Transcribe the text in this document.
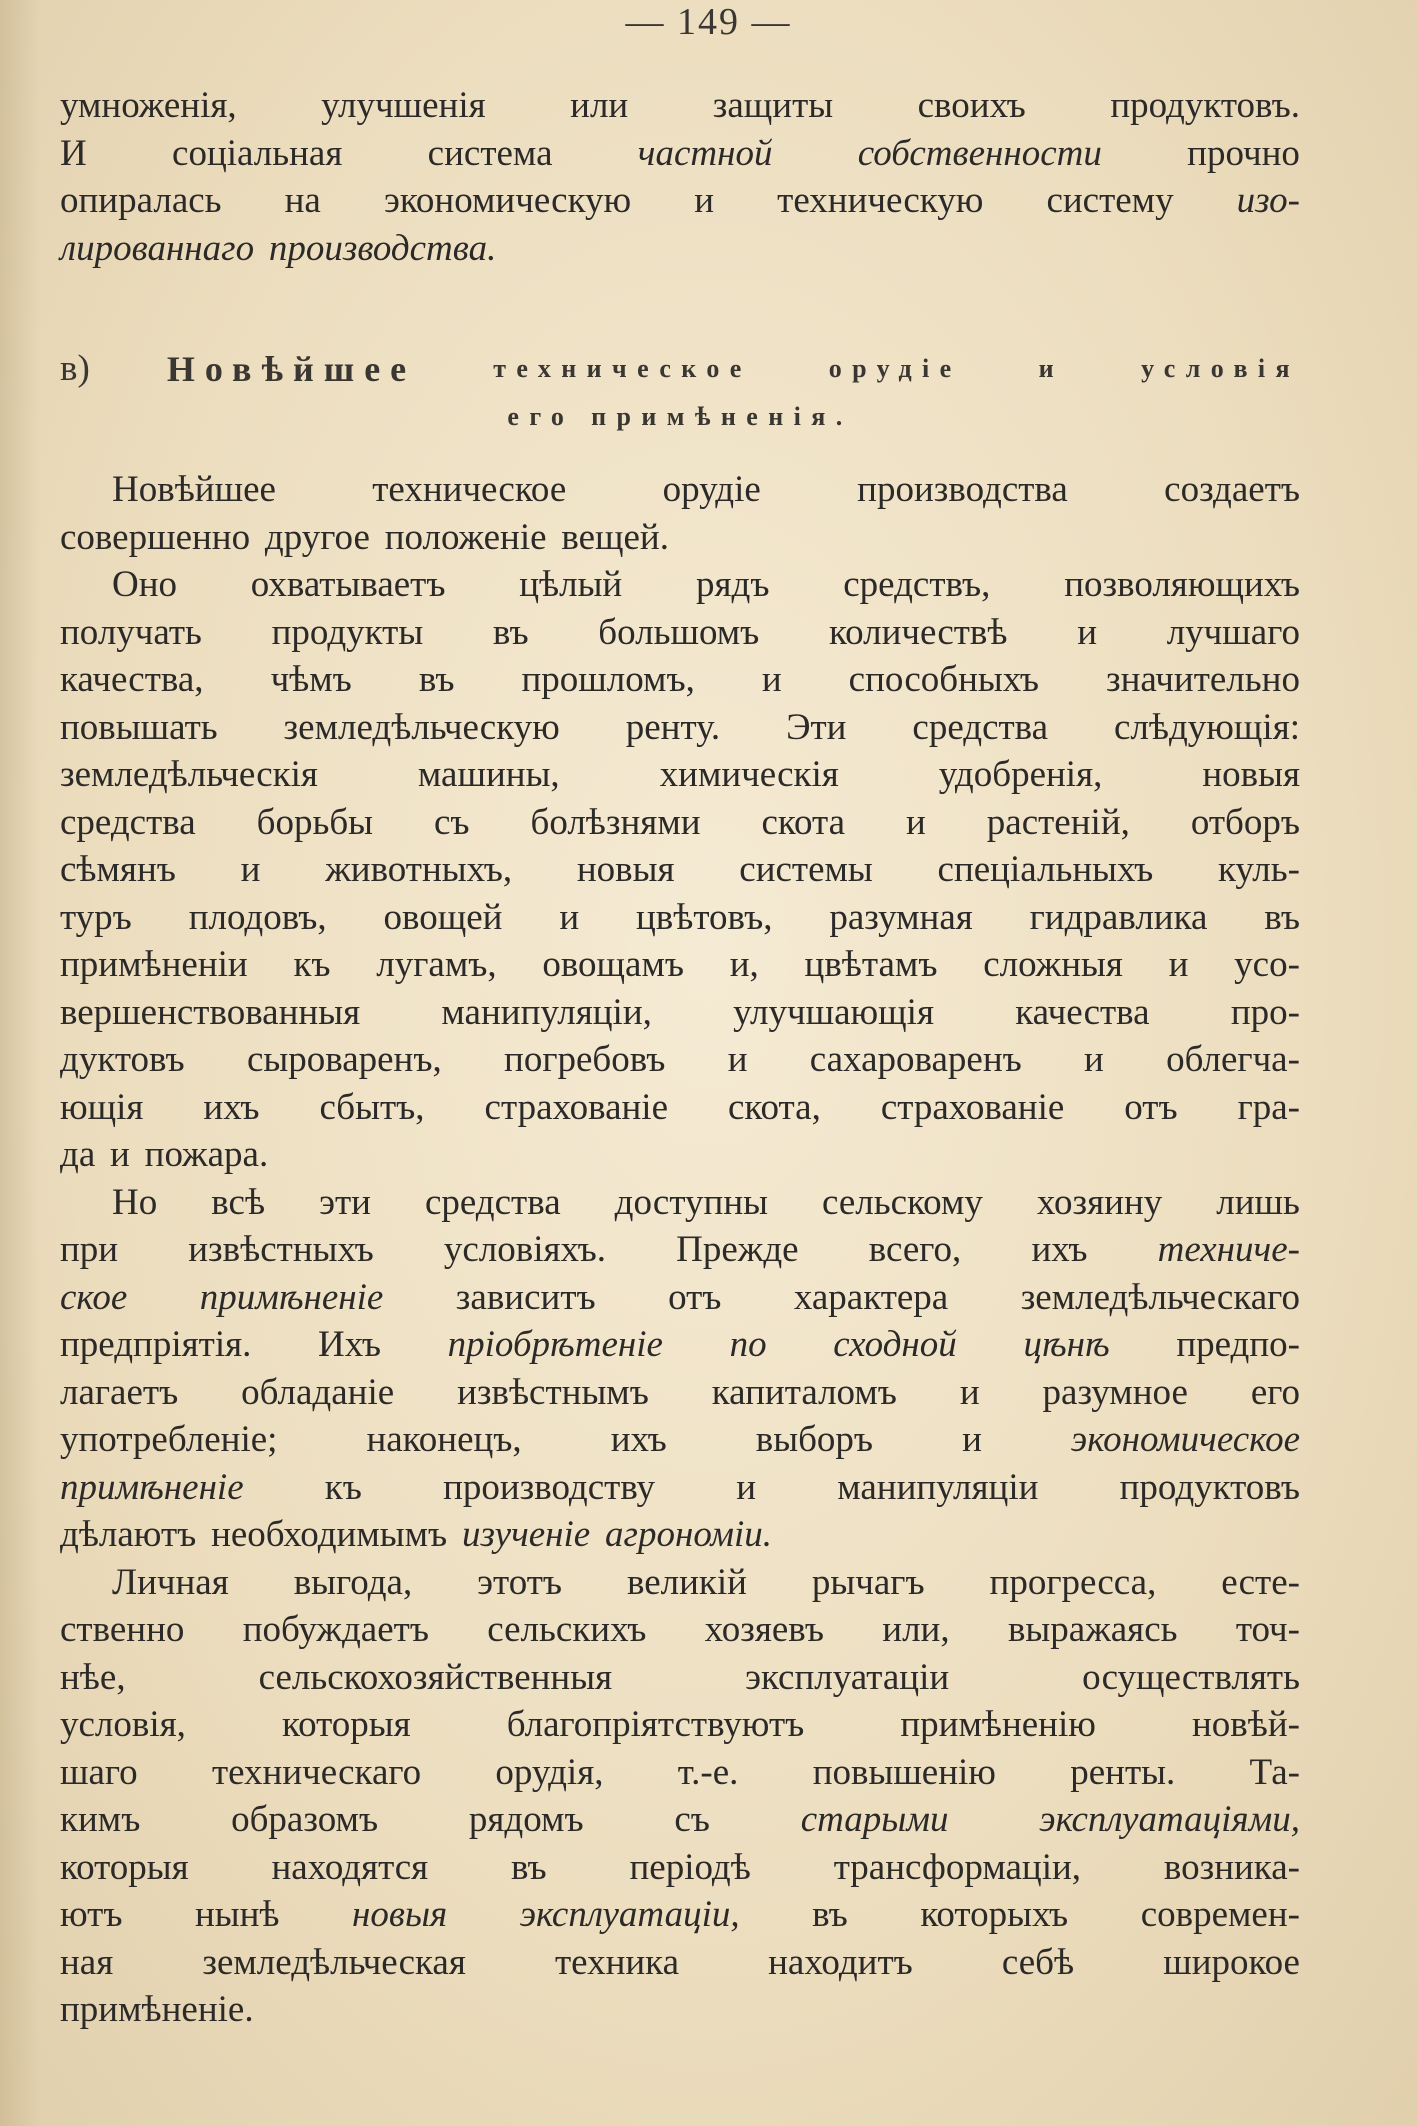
— 149 —
умноженія, улучшенія или защиты своихъ продуктовъ.
И соціальная система частной собственности прочно
опиралась на экономическую и техническую систему изо-
лированнаго производства.
в) Новѣйшее	техническое	орудіе	и	условія
его примѣненія.
Новѣйшее	техническое	орудіе	производства	создаетъ
совершенно другое положеніе вещей.
Оно охватываетъ цѣлый рядъ средствъ, позволяющихъ
получать продукты въ большомъ количествѣ и лучшаго
качества, чѣмъ въ прошломъ, и способныхъ значительно
повышать земледѣльческую ренту. Эти средства слѣдующія:
земледѣльческія	машины,	химическія	удобренія,	новыя
средства борьбы съ болѣзнями скота и растеній, отборъ
сѣмянъ и животныхъ, новыя системы спеціальныхъ куль-
туръ плодовъ, овощей и цвѣтовъ, разумная гидравлика въ
примѣненіи къ лугамъ, овощамъ и, цвѣтамъ сложныя и усо-
вершенствованныя манипуляціи, улучшающія качества про-
дуктовъ сыроваренъ, погребовъ и сахароваренъ и облегча-
ющія ихъ сбытъ, страхованіе скота, страхованіе отъ гра-
да и пожара.
Но всѣ эти средства доступны сельскому хозяину лишь
при извѣстныхъ условіяхъ. Прежде всего, ихъ техниче-
ское примѣненіе зависитъ отъ характера земледѣльческаго
предпріятія. Ихъ пріобрѣтеніе по сходной цѣнѣ предпо-
лагаетъ обладаніе извѣстнымъ капиталомъ и разумное его
употребленіе; наконецъ, ихъ выборъ и экономическое
примѣненіе къ производству и манипуляціи продуктовъ
дѣлаютъ необходимымъ изученіе агрономіи.
Личная выгода, этотъ великій рычагъ прогресса, есте-
ственно побуждаетъ сельскихъ хозяевъ или, выражаясь точ-
нѣе,	сельскохозяйственныя	эксплуатаціи	осуществлять
условія,	которыя	благопріятствуютъ	примѣненію	новѣй-
шаго техническаго орудія, т.-е. повышенію ренты. Та-
кимъ образомъ рядомъ съ старыми эксплуатаціями,
которыя находятся въ періодѣ трансформаціи, возника-
ютъ нынѣ новыя эксплуатаціи, въ которыхъ современ-
ная земледѣльческая техника находитъ себѣ широкое
примѣненіе.
